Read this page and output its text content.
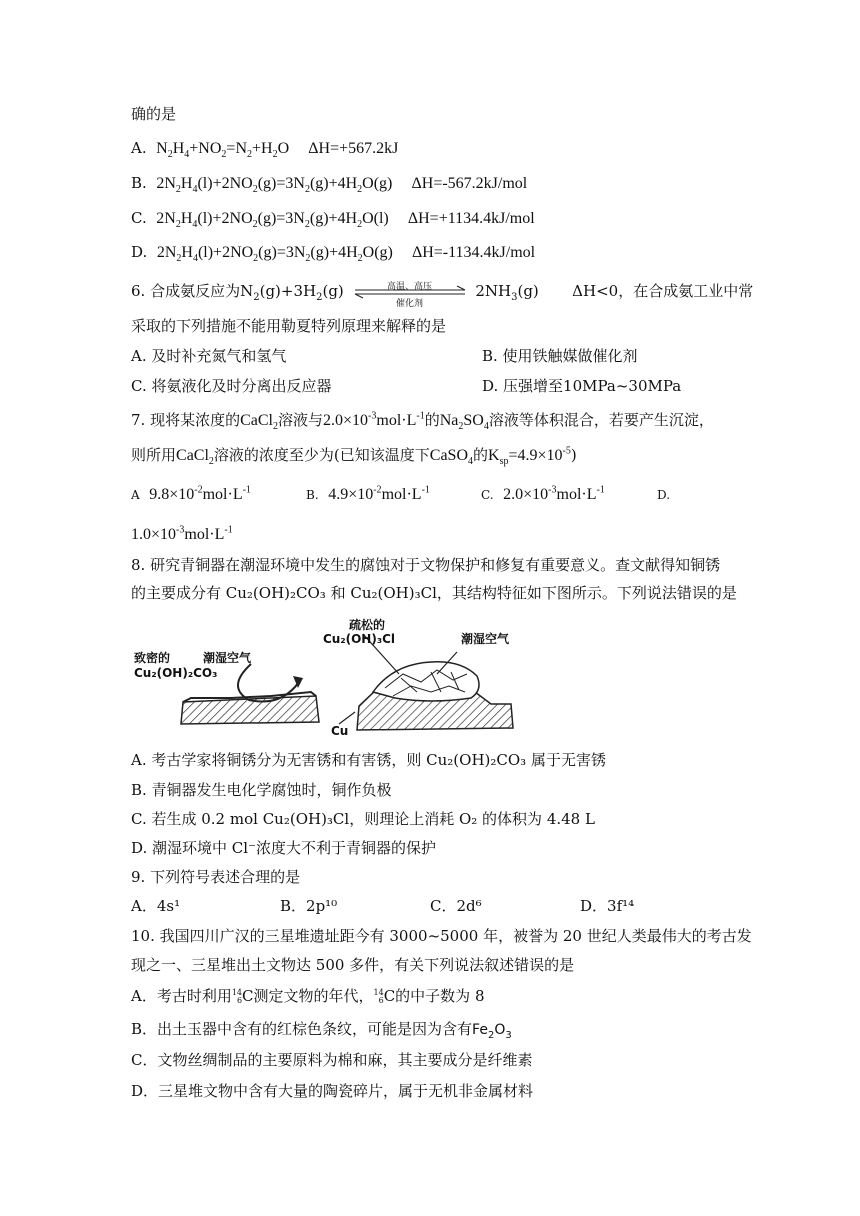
确的是
A. $N_2H_4+NO_2=N_2+H_2O$ ΔH=+567.2kJ
B. $2N_2H_4(l)+2NO_2(g)=3N_2(g)+4H_2O(g)$ ΔH=-567.2kJ/mol
C. $2N_2H_4(l)+2NO_2(g)=3N_2(g)+4H_2O(l)$ ΔH=+1134.4kJ/mol
D. $2N_2H_4(l)+2NO_2(g)=3N_2(g)+4H_2O(g)$ ΔH=-1134.4kJ/mol
6. 合成氨反应为$N_2(g)+3H_2(g)$	高温、高压
催化剂
$2NH_3(g)$ ΔH<0，在合成氨工业中常
采取的下列措施不能用勒夏特列原理来解释的是
A. 及时补充氮气和氢气	B. 使用铁触媒做催化剂
C. 将氨液化及时分离出反应器	D. 压强增至10MPa~30MPa
7. 现将某浓度的CaCl$_2$溶液与$2.0\times 10^{-3}mol\cdot L^{-1}$的$Na_2SO_4$溶液等体积混合，若要产生沉淀，
则所用CaCl$_2$溶液的浓度至少为(已知该温度下CaSO$_4$的$K_{sp}=4.9\times 10^{-5}$)
A $9.8\times 10^{-2}mol\cdot L^{-1}$	B. $4.9\times 10^{-2}mol\cdot L^{-1}$	C. $2.0\times 10^{-3}mol\cdot L^{-1}$	D.
$1.0\times 10^{-3}mol\cdot L^{-1}$
8. 研究青铜器在潮湿环境中发生的腐蚀对于文物保护和修复有重要意义。查文献得知铜锈
的主要成分有 Cu₂(OH)₂CO₃ 和 Cu₂(OH)₃Cl，其结构特征如下图所示。下列说法错误的是
致密的	潮湿空气
Cu₂(OH)₂CO₃
疏松的
Cu₂(OH)₃Cl	潮湿空气
Cu
A. 考古学家将铜锈分为无害锈和有害锈，则 Cu₂(OH)₂CO₃ 属于无害锈
B. 青铜器发生电化学腐蚀时，铜作负极
C. 若生成 0.2 mol Cu₂(OH)₃Cl，则理论上消耗 O₂ 的体积为 4.48 L
D. 潮湿环境中 Cl⁻浓度大不利于青铜器的保护
9. 下列符号表述合理的是
A．4s¹	B．2p¹⁰	C．2d⁶	D．3f¹⁴
10. 我国四川广汉的三星堆遗址距今有 3000~5000 年，被誉为 20 世纪人类最伟大的考古发
现之一、三星堆出土文物达 500 多件，有关下列说法叙述错误的是
A．考古时利用14
6C测定文物的年代，14
6C的中子数为 8
B．出土玉器中含有的红棕色条纹，可能是因为含有$Fe_2O_3$
C．文物丝绸制品的主要原料为棉和麻，其主要成分是纤维素
D．三星堆文物中含有大量的陶瓷碎片，属于无机非金属材料
